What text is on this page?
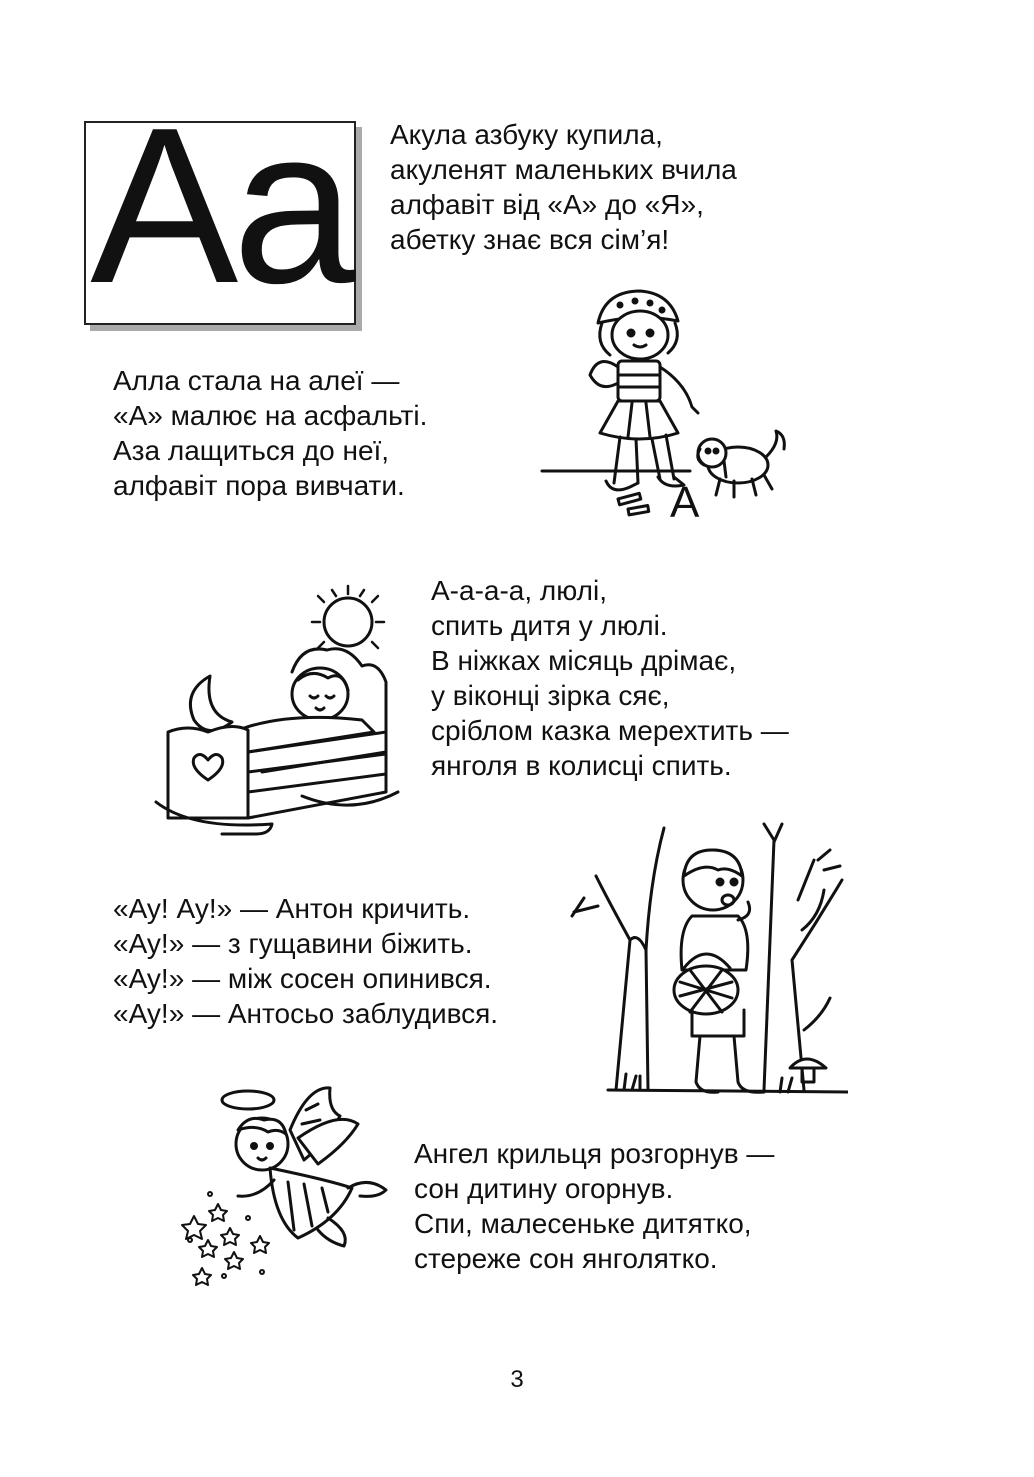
Aa Акула азбуку купила,
акуленят маленьких вчила
алфавіт від «А» до «Я»,
абетку знає вся сім’я!
Алла стала на алеї —
«А» малює на асфальті.
Аза лащиться до неї,
алфавіт пора вивчати.	А
А-а-а-а, люлі,
спить дитя у люлі.
В ніжках місяць дрімає,
у віконці зірка сяє,
сріблом казка мерехтить —
янголя в колисці спить.
«Ау! Ау!» — Антон кричить.
«Ау!» — з гущавини біжить.
«Ау!» — між сосен опинився.
«Ау!» — Антосьо заблудився.
Ангел крильця розгорнув —
сон дитину огорнув.
Спи, малесеньке дитятко,
стереже сон янголятко.
3
